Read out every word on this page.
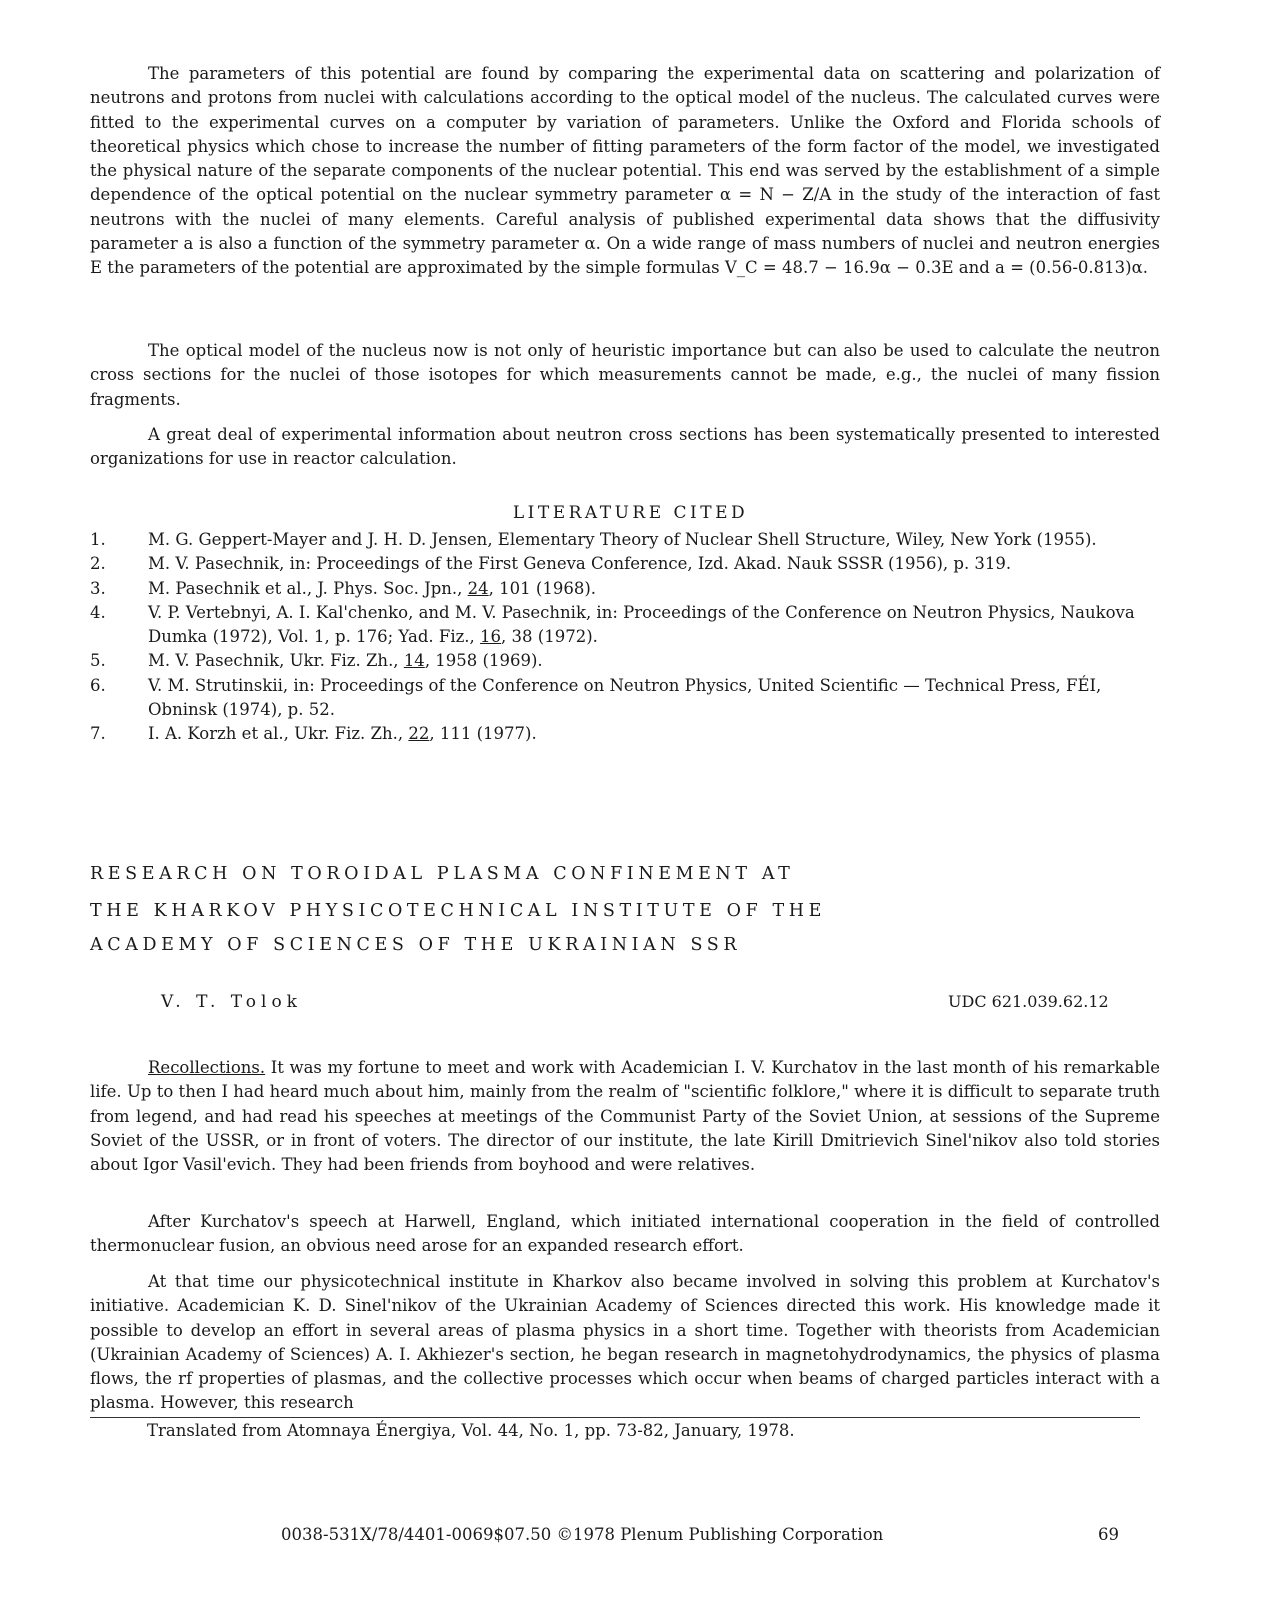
The parameters of this potential are found by comparing the experimental data on scattering and polarization of neutrons and protons from nuclei with calculations according to the optical model of the nucleus. The calculated curves were fitted to the experimental curves on a computer by variation of parameters. Unlike the Oxford and Florida schools of theoretical physics which chose to increase the number of fitting parameters of the form factor of the model, we investigated the physical nature of the separate components of the nuclear potential. This end was served by the establishment of a simple dependence of the optical potential on the nuclear symmetry parameter α = N − Z/A in the study of the interaction of fast neutrons with the nuclei of many elements. Careful analysis of published experimental data shows that the diffusivity parameter a is also a function of the symmetry parameter α. On a wide range of mass numbers of nuclei and neutron energies E the parameters of the potential are approximated by the simple formulas V_C = 48.7 − 16.9α − 0.3E and a = (0.56-0.813)α.

The optical model of the nucleus now is not only of heuristic importance but can also be used to calculate the neutron cross sections for the nuclei of those isotopes for which measurements cannot be made, e.g., the nuclei of many fission fragments.

A great deal of experimental information about neutron cross sections has been systematically presented to interested organizations for use in reactor calculation.

LITERATURE CITED

1.	M. G. Geppert-Mayer and J. H. D. Jensen, Elementary Theory of Nuclear Shell Structure, Wiley, New York (1955).
2.	M. V. Pasechnik, in: Proceedings of the First Geneva Conference, Izd. Akad. Nauk SSSR (1956), p. 319.
3.	M. Pasechnik et al., J. Phys. Soc. Jpn., 24, 101 (1968).
4.	V. P. Vertebnyi, A. I. Kal'chenko, and M. V. Pasechnik, in: Proceedings of the Conference on Neutron Physics, Naukova Dumka (1972), Vol. 1, p. 176; Yad. Fiz., 16, 38 (1972).
5.	M. V. Pasechnik, Ukr. Fiz. Zh., 14, 1958 (1969).
6.	V. M. Strutinskii, in: Proceedings of the Conference on Neutron Physics, United Scientific — Technical Press, FÉI, Obninsk (1974), p. 52.
7.	I. A. Korzh et al., Ukr. Fiz. Zh., 22, 111 (1977).

RESEARCH ON TOROIDAL PLASMA CONFINEMENT AT

THE KHARKOV PHYSICOTECHNICAL INSTITUTE OF THE

ACADEMY OF SCIENCES OF THE UKRAINIAN SSR

V. T. Tolok	UDC 621.039.62.12

Recollections. It was my fortune to meet and work with Academician I. V. Kurchatov in the last month of his remarkable life. Up to then I had heard much about him, mainly from the realm of "scientific folklore," where it is difficult to separate truth from legend, and had read his speeches at meetings of the Communist Party of the Soviet Union, at sessions of the Supreme Soviet of the USSR, or in front of voters. The director of our institute, the late Kirill Dmitrievich Sinel'nikov also told stories about Igor Vasil'evich. They had been friends from boyhood and were relatives.

After Kurchatov's speech at Harwell, England, which initiated international cooperation in the field of controlled thermonuclear fusion, an obvious need arose for an expanded research effort.

At that time our physicotechnical institute in Kharkov also became involved in solving this problem at Kurchatov's initiative. Academician K. D. Sinel'nikov of the Ukrainian Academy of Sciences directed this work. His knowledge made it possible to develop an effort in several areas of plasma physics in a short time. Together with theorists from Academician (Ukrainian Academy of Sciences) A. I. Akhiezer's section, he began research in magnetohydrodynamics, the physics of plasma flows, the rf properties of plasmas, and the collective processes which occur when beams of charged particles interact with a plasma. However, this research

Translated from Atomnaya Énergiya, Vol. 44, No. 1, pp. 73-82, January, 1978.

0038-531X/78/4401-0069$07.50 ©1978 Plenum Publishing Corporation	69
